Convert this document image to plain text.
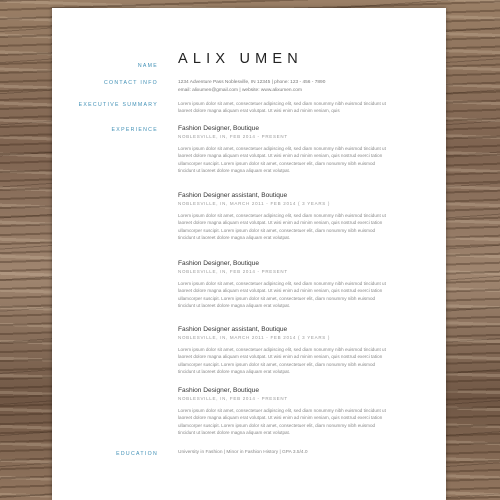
NAME ALIX UMEN
CONTACT INFO	1234 Adventure Pass Noblesville, IN 12345 | phone: 123 - 456 - 7890
email: alixumen@gmail.com | website: www.alixumen.com
EXECUTIVE SUMMARY	Lorem ipsum dolor sit amet, consectetuer adipiscing elit, sed diam nonummy nibh euismod tincidunt ut laoreet dolore magna aliquam erat volutpat. Ut wisi enim ad minim veniam, quis

EXPERIENCE	Fashion Designer, Boutique

NOBLESVILLE, IN, FEB 2014 - PRESENT

Lorem ipsum dolor sit amet, consectetuer adipiscing elit, sed diam nonummy nibh euismod tincidunt ut laoreet dolore magna aliquam erat volutpat. Ut wisi enim ad minim veniam, quis nostrud exerci tation ullamcorper suscipit. Lorem ipsum dolor sit amet, consectetuer elit, diam nonummy nibh euismod tincidunt ut laoreet dolore magna aliquam erat volutpat.

Fashion Designer assistant, Boutique

NOBLESVILLE, IN, MARCH 2011 - FEB 2014 ( 3 YEARS )

Lorem ipsum dolor sit amet, consectetuer adipiscing elit, sed diam nonummy nibh euismod tincidunt ut laoreet dolore magna aliquam erat volutpat. Ut wisi enim ad minim veniam, quis nostrud exerci tation ullamcorper suscipit. Lorem ipsum dolor sit amet, consectetuer elit, diam nonummy nibh euismod tincidunt ut laoreet dolore magna aliquam erat volutpat.

Fashion Designer, Boutique

NOBLESVILLE, IN, FEB 2014 - PRESENT

Lorem ipsum dolor sit amet, consectetuer adipiscing elit, sed diam nonummy nibh euismod tincidunt ut laoreet dolore magna aliquam erat volutpat. Ut wisi enim ad minim veniam, quis nostrud exerci tation ullamcorper suscipit. Lorem ipsum dolor sit amet, consectetuer elit, diam nonummy nibh euismod tincidunt ut laoreet dolore magna aliquam erat volutpat.

Fashion Designer assistant, Boutique

NOBLESVILLE, IN, MARCH 2011 - FEB 2014 ( 3 YEARS )

Lorem ipsum dolor sit amet, consectetuer adipiscing elit, sed diam nonummy nibh euismod tincidunt ut laoreet dolore magna aliquam erat volutpat. Ut wisi enim ad minim veniam, quis nostrud exerci tation ullamcorper suscipit. Lorem ipsum dolor sit amet, consectetuer elit, diam nonummy nibh euismod tincidunt ut laoreet dolore magna aliquam erat volutpat.

Fashion Designer, Boutique

NOBLESVILLE, IN, FEB 2014 - PRESENT

Lorem ipsum dolor sit amet, consectetuer adipiscing elit, sed diam nonummy nibh euismod tincidunt ut laoreet dolore magna aliquam erat volutpat. Ut wisi enim ad minim veniam, quis nostrud exerci tation ullamcorper suscipit. Lorem ipsum dolor sit amet, consectetuer elit, diam nonummy nibh euismod tincidunt ut laoreet dolore magna aliquam erat volutpat.

EDUCATION	University in Fashion | Minor in Fashion History | GPA 3.5/4.0
